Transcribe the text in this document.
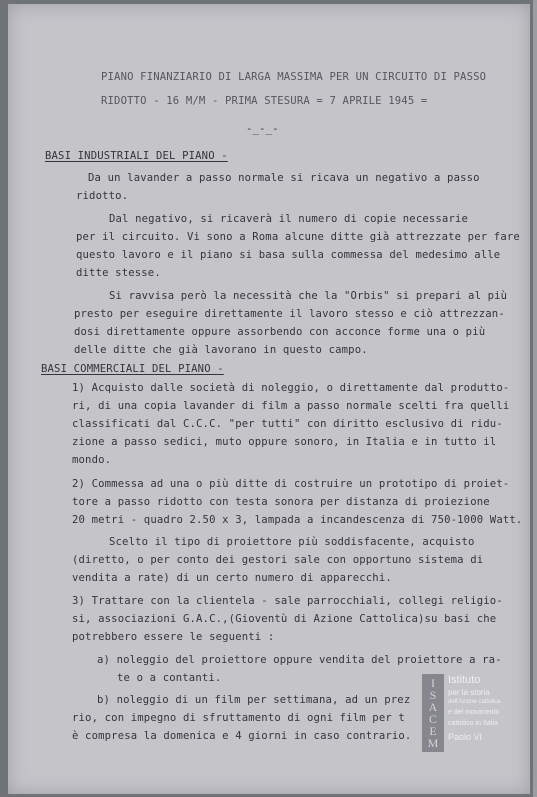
PIANO FINANZIARIO DI LARGA MASSIMA PER UN CIRCUITO DI PASSO

RIDOTTO - 16 M/M - PRIMA STESURA = 7 APRILE 1945 =

-_-_-

BASI INDUSTRIALI DEL PIANO -

Da un lavander a passo normale si ricava un negativo a passo

ridotto.

Dal negativo, si ricaverà il numero di copie necessarie

per il circuito. Vi sono a Roma alcune ditte già attrezzate per fare

questo lavoro e il piano si basa sulla commessa del medesimo alle

ditte stesse.

Si ravvisa però la necessità che la "Orbis" si prepari al più

presto per eseguire direttamente il lavoro stesso e ciò attrezzan-

dosi direttamente oppure assorbendo con acconce forme una o più

delle ditte che già lavorano in questo campo.

BASI COMMERCIALI DEL PIANO -

1) Acquisto dalle società di noleggio, o direttamente dal produtto-

ri, di una copia lavander di film a passo normale scelti fra quelli

classificati dal C.C.C. "per tutti" con diritto esclusivo di ridu-

zione a passo sedici, muto oppure sonoro, in Italia e in tutto il

mondo.

2) Commessa ad una o più ditte di costruire un prototipo di proiet-

tore a passo ridotto con testa sonora per distanza di proiezione

20 metri - quadro 2.50 x 3, lampada a incandescenza di 750-1000 Watt.

Scelto il tipo di proiettore più soddisfacente, acquisto

(diretto, o per conto dei gestori sale con opportuno sistema di

vendita a rate) di un certo numero di apparecchi.

3) Trattare con la clientela - sale parrocchiali, collegi religio-

si, associazioni G.A.C.,(Gioventù di Azione Cattolica)su basi che

potrebbero essere le seguenti :

a) noleggio del proiettore oppure vendita del proiettore a ra-

te o a contanti.

b) noleggio di un film per settimana, ad un prez

rio, con impegno di sfruttamento di ogni film per t

è compresa la domenica e 4 giorni in caso contrario.

I
S
A
C
E
M

Istituto

per la storia

dell'Azione cattolica

e del movimento

cattolico in Italia

Paolo VI
